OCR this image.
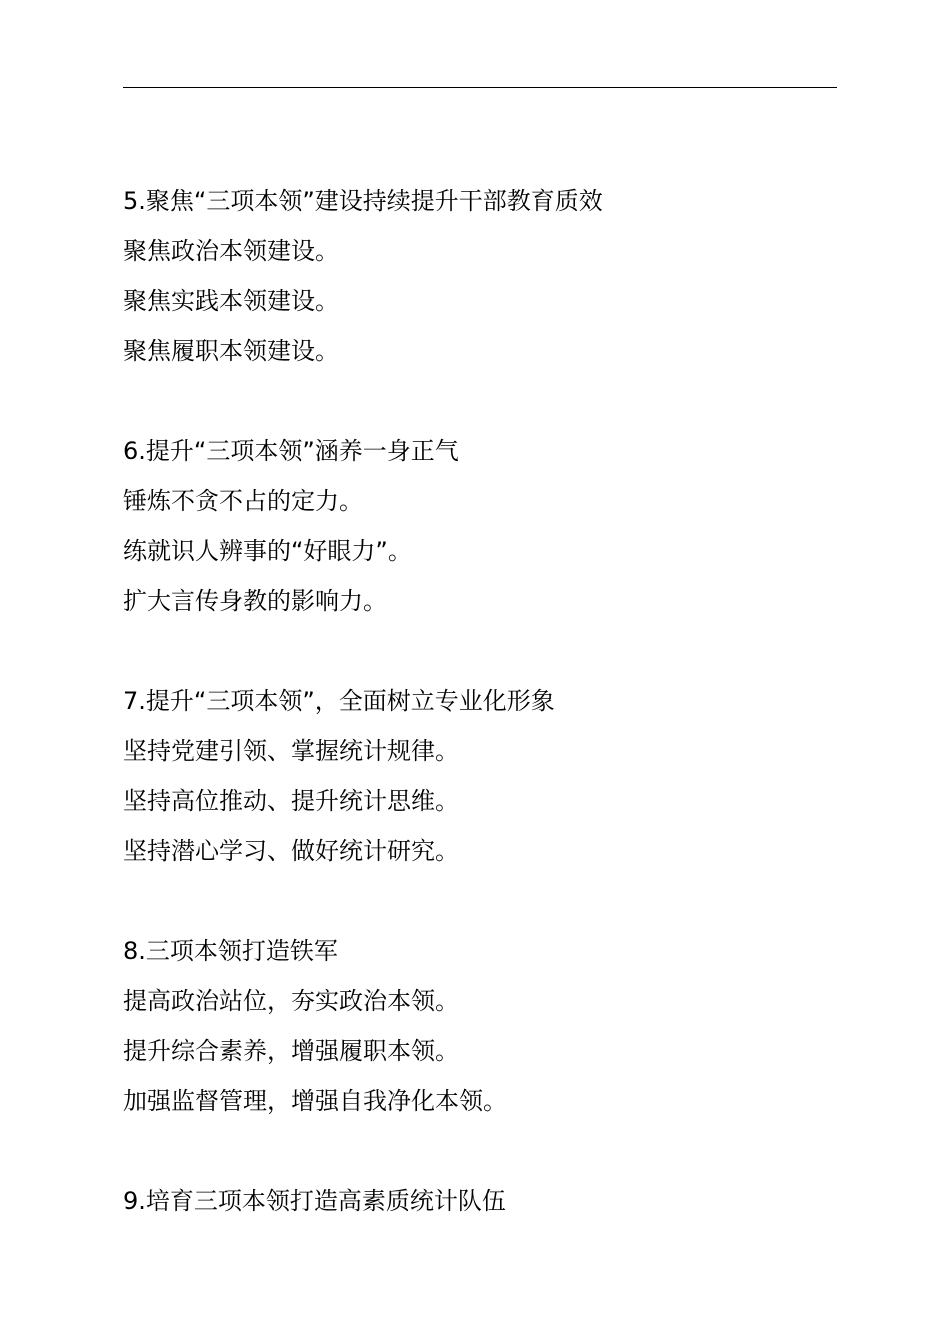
5.聚焦“三项本领”建设持续提升干部教育质效
聚焦政治本领建设。
聚焦实践本领建设。
聚焦履职本领建设。
6.提升“三项本领”涵养一身正气
锤炼不贪不占的定力。
练就识人辨事的“好眼力”。
扩大言传身教的影响力。
7.提升“三项本领”，全面树立专业化形象
坚持党建引领、掌握统计规律。
坚持高位推动、提升统计思维。
坚持潜心学习、做好统计研究。
8.三项本领打造铁军
提高政治站位，夯实政治本领。
提升综合素养，增强履职本领。
加强监督管理，增强自我净化本领。
9.培育三项本领打造高素质统计队伍
